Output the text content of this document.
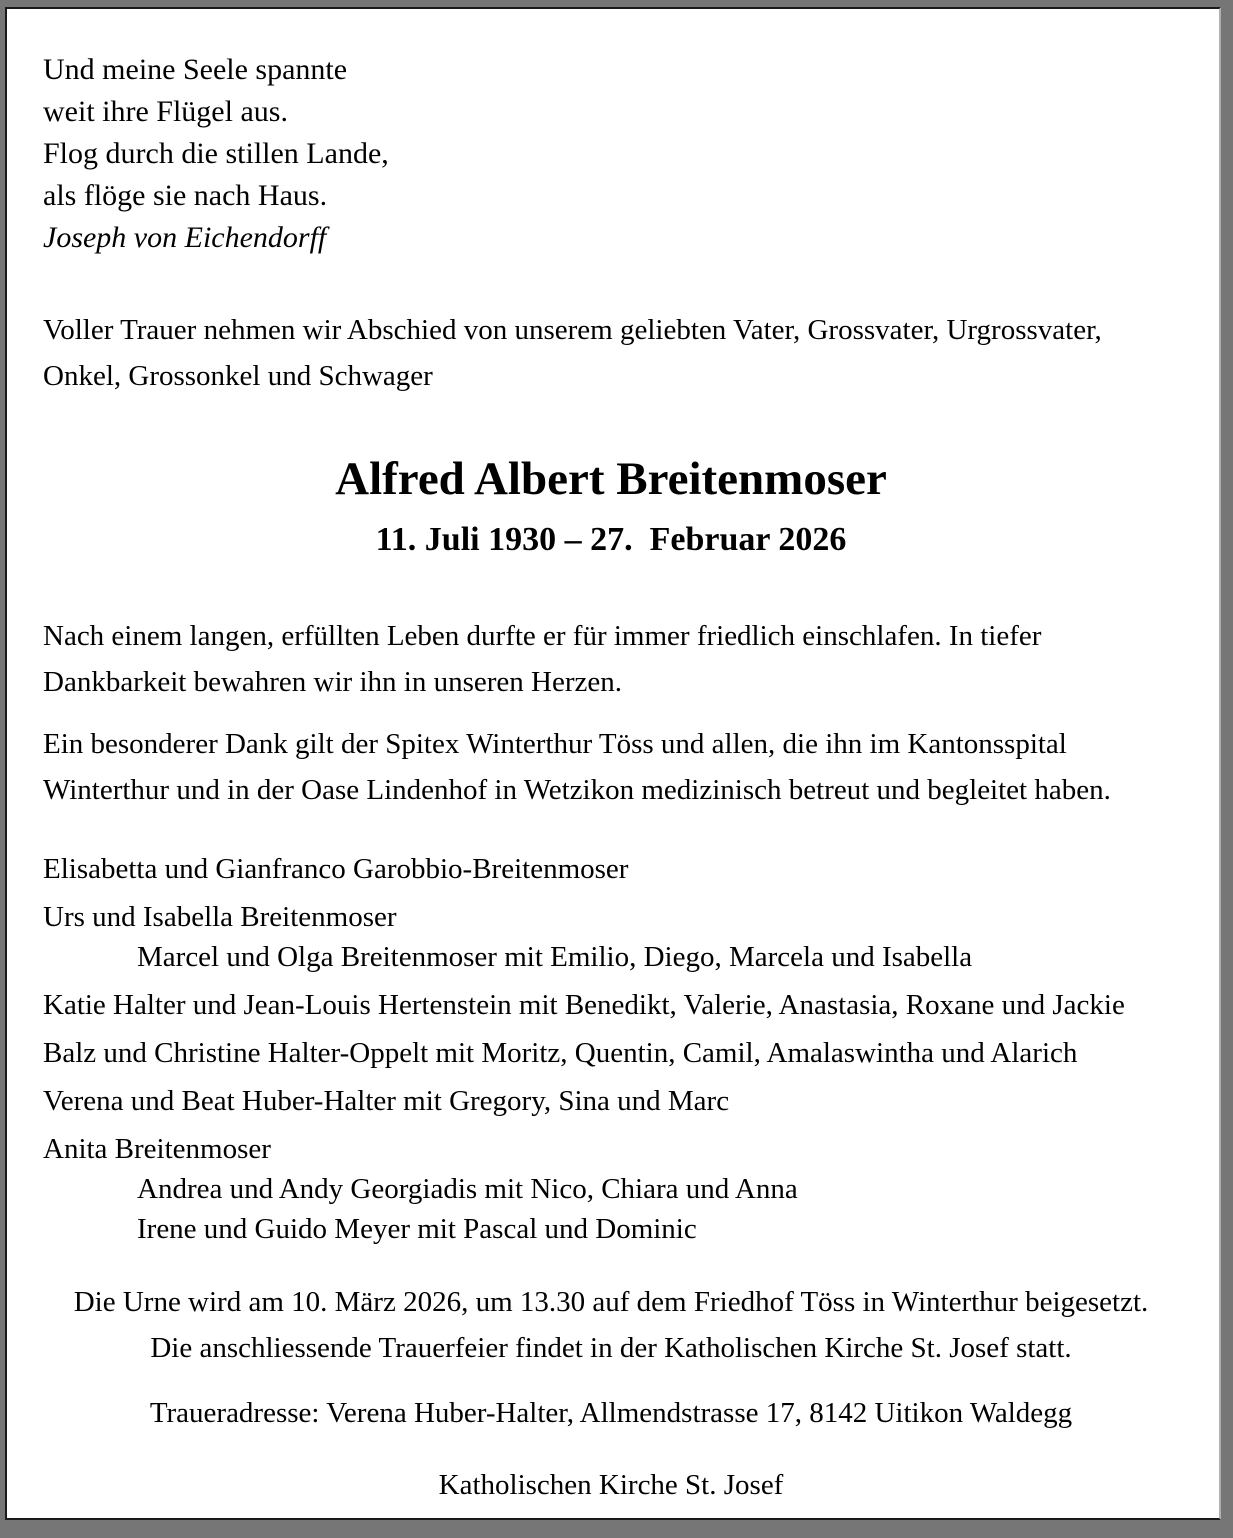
Und meine Seele spannte
weit ihre Flügel aus.
Flog durch die stillen Lande,
als flöge sie nach Haus.
Joseph von Eichendorff
Voller Trauer nehmen wir Abschied von unserem geliebten Vater, Grossvater, Urgrossvater,
Onkel, Grossonkel und Schwager
Alfred Albert Breitenmoser
11. Juli 1930 – 27.  Februar 2026
Nach einem langen, erfüllten Leben durfte er für immer friedlich einschlafen. In tiefer
Dankbarkeit bewahren wir ihn in unseren Herzen.
Ein besonderer Dank gilt der Spitex Winterthur Töss und allen, die ihn im Kantonsspital
Winterthur und in der Oase Lindenhof in Wetzikon medizinisch betreut und begleitet haben.
Elisabetta und Gianfranco Garobbio-Breitenmoser
Urs und Isabella Breitenmoser
Marcel und Olga Breitenmoser mit Emilio, Diego, Marcela und Isabella
Katie Halter und Jean-Louis Hertenstein mit Benedikt, Valerie, Anastasia, Roxane und Jackie
Balz und Christine Halter-Oppelt mit Moritz, Quentin, Camil, Amalaswintha und Alarich
Verena und Beat Huber-Halter mit Gregory, Sina und Marc
Anita Breitenmoser
Andrea und Andy Georgiadis mit Nico, Chiara und Anna
Irene und Guido Meyer mit Pascal und Dominic
Die Urne wird am 10. März 2026, um 13.30 auf dem Friedhof Töss in Winterthur beigesetzt.
Die anschliessende Trauerfeier findet in der Katholischen Kirche St. Josef statt.
Traueradresse: Verena Huber-Halter, Allmendstrasse 17, 8142 Uitikon Waldegg
Katholischen Kirche St. Josef
